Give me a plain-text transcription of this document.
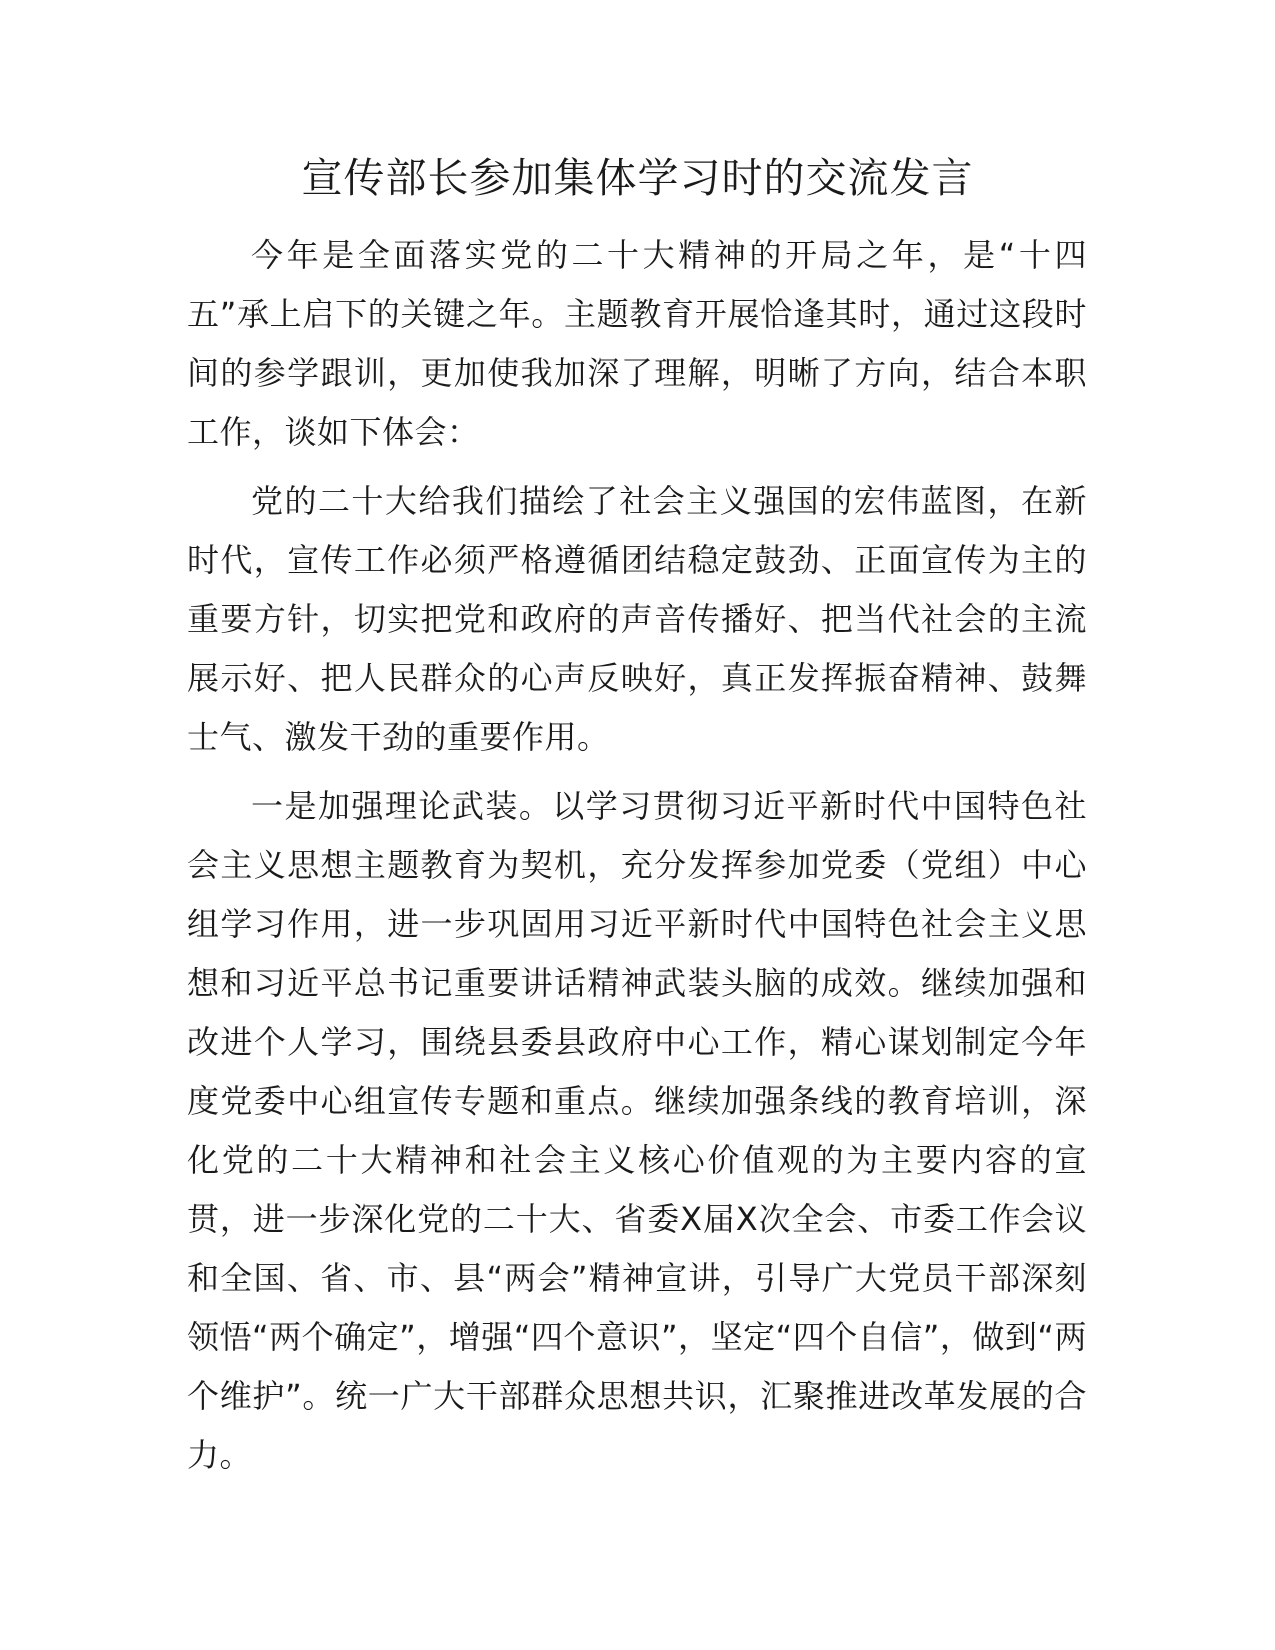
宣传部长参加集体学习时的交流发言

今年是全面落实党的二十大精神的开局之年，是“十四五”承上启下的关键之年。主题教育开展恰逢其时，通过这段时间的参学跟训，更加使我加深了理解，明晰了方向，结合本职工作，谈如下体会：

党的二十大给我们描绘了社会主义强国的宏伟蓝图，在新时代，宣传工作必须严格遵循团结稳定鼓劲、正面宣传为主的重要方针，切实把党和政府的声音传播好、把当代社会的主流展示好、把人民群众的心声反映好，真正发挥振奋精神、鼓舞士气、激发干劲的重要作用。

一是加强理论武装。以学习贯彻习近平新时代中国特色社会主义思想主题教育为契机，充分发挥参加党委（党组）中心组学习作用，进一步巩固用习近平新时代中国特色社会主义思想和习近平总书记重要讲话精神武装头脑的成效。继续加强和改进个人学习，围绕县委县政府中心工作，精心谋划制定今年度党委中心组宣传专题和重点。继续加强条线的教育培训，深化党的二十大精神和社会主义核心价值观的为主要内容的宣贯，进一步深化党的二十大、省委X届X次全会、市委工作会议和全国、省、市、县“两会”精神宣讲，引导广大党员干部深刻领悟“两个确定”，增强“四个意识”，坚定“四个自信”，做到“两个维护”。统一广大干部群众思想共识，汇聚推进改革发展的合力。
